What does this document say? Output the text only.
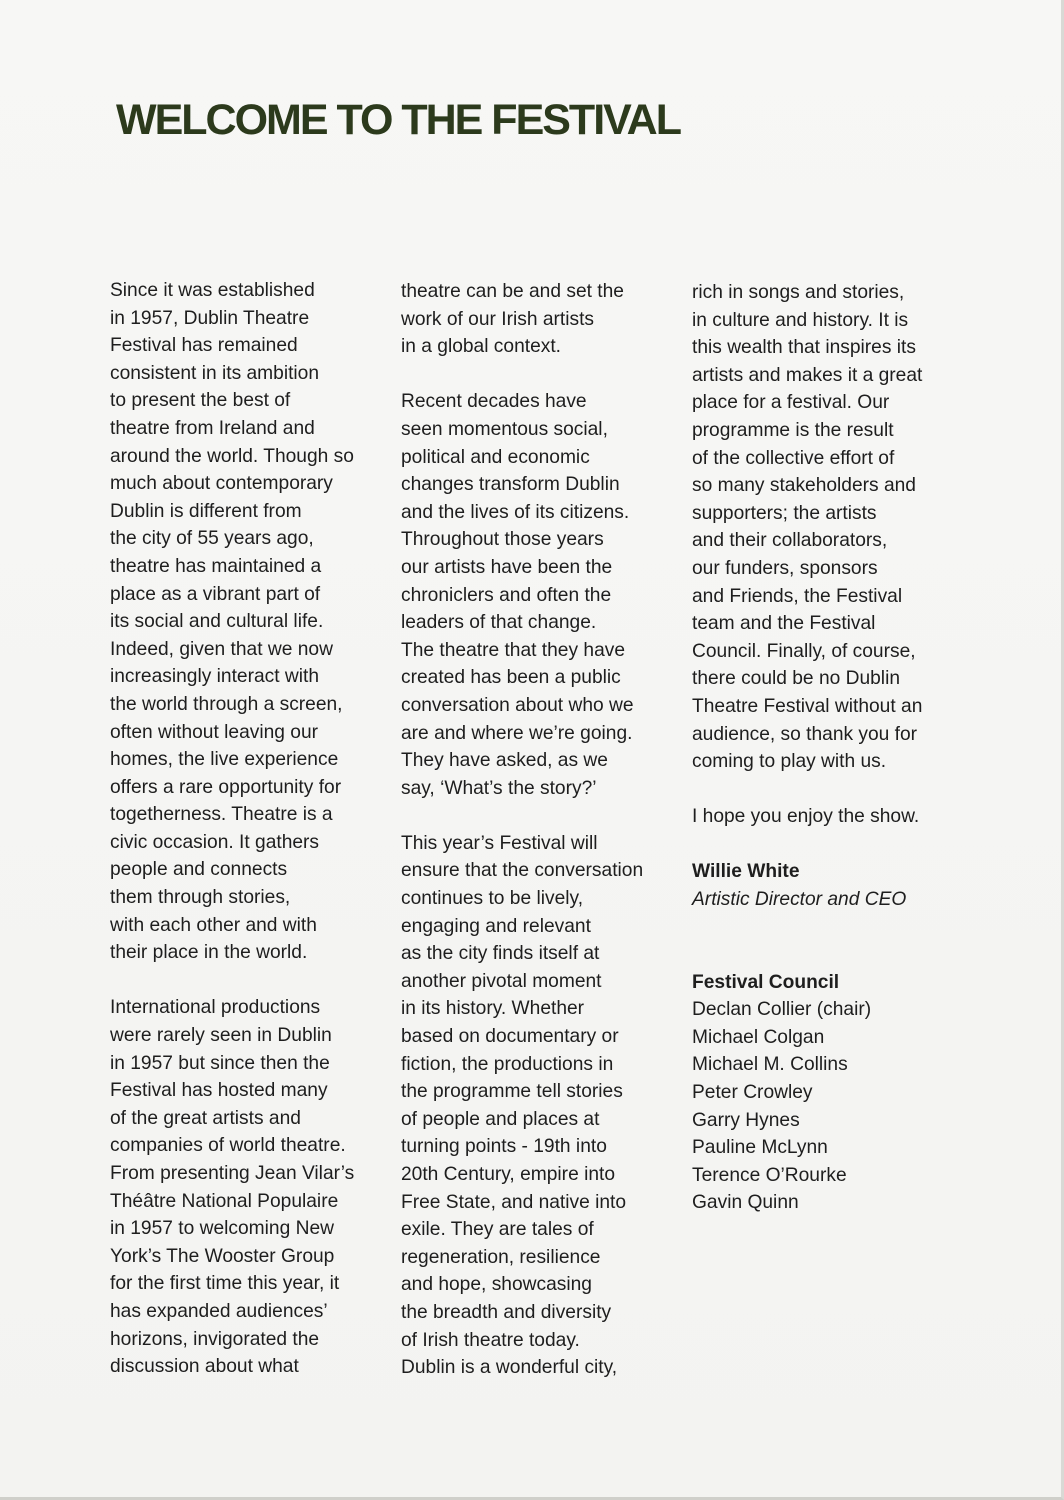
WELCOME TO THE FESTIVAL

Since it was established
in 1957, Dublin Theatre
Festival has remained
consistent in its ambition
to present the best of
theatre from Ireland and
around the world. Though so
much about contemporary
Dublin is different from
the city of 55 years ago,
theatre has maintained a
place as a vibrant part of
its social and cultural life.
Indeed, given that we now
increasingly interact with
the world through a screen,
often without leaving our
homes, the live experience
offers a rare opportunity for
togetherness. Theatre is a
civic occasion. It gathers
people and connects
them through stories,
with each other and with
their place in the world.

International productions
were rarely seen in Dublin
in 1957 but since then the
Festival has hosted many
of the great artists and
companies of world theatre.
From presenting Jean Vilar’s
Théâtre National Populaire
in 1957 to welcoming New
York’s The Wooster Group
for the first time this year, it
has expanded audiences’
horizons, invigorated the
discussion about what

theatre can be and set the
work of our Irish artists
in a global context.

Recent decades have
seen momentous social,
political and economic
changes transform Dublin
and the lives of its citizens.
Throughout those years
our artists have been the
chroniclers and often the
leaders of that change.
The theatre that they have
created has been a public
conversation about who we
are and where we’re going.
They have asked, as we
say, ‘What’s the story?’

This year’s Festival will
ensure that the conversation
continues to be lively,
engaging and relevant
as the city finds itself at
another pivotal moment
in its history. Whether
based on documentary or
fiction, the productions in
the programme tell stories
of people and places at
turning points - 19th into
20th Century, empire into
Free State, and native into
exile. They are tales of
regeneration, resilience
and hope, showcasing
the breadth and diversity
of Irish theatre today.
Dublin is a wonderful city,

rich in songs and stories,
in culture and history. It is
this wealth that inspires its
artists and makes it a great
place for a festival. Our
programme is the result
of the collective effort of
so many stakeholders and
supporters; the artists
and their collaborators,
our funders, sponsors
and Friends, the Festival
team and the Festival
Council. Finally, of course,
there could be no Dublin
Theatre Festival without an
audience, so thank you for
coming to play with us.

I hope you enjoy the show.

Willie White
Artistic Director and CEO
Festival Council
Declan Collier (chair)
Michael Colgan
Michael M. Collins
Peter Crowley
Garry Hynes
Pauline McLynn
Terence O’Rourke
Gavin Quinn
